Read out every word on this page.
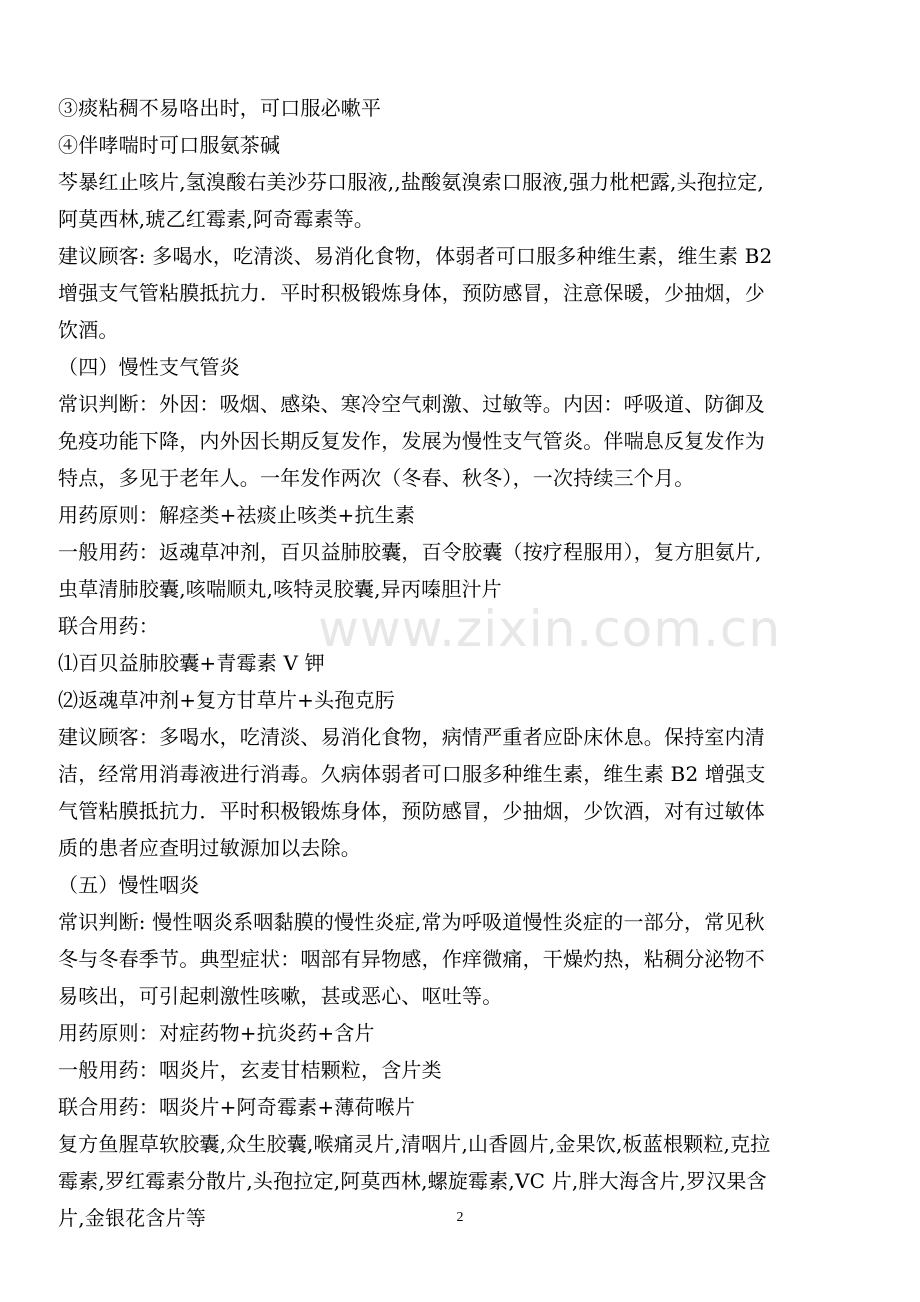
③痰粘稠不易咯出时，可口服必嗽平

④伴哮喘时可口服氨茶碱

芩暴红止咳片,氢溴酸右美沙芬口服液,,盐酸氨溴索口服液,强力枇杷露,头孢拉定,

阿莫西林,琥乙红霉素,阿奇霉素等。

建议顾客: 多喝水，吃清淡、易消化食物，体弱者可口服多种维生素，维生素 B2

增强支气管粘膜抵抗力．平时积极锻炼身体，预防感冒，注意保暖，少抽烟，少

饮酒。

（四）慢性支气管炎

常识判断：外因：吸烟、感染、寒冷空气刺激、过敏等。内因：呼吸道、防御及

免疫功能下降，内外因长期反复发作，发展为慢性支气管炎。伴喘息反复发作为

特点，多见于老年人。一年发作两次（冬春、秋冬），一次持续三个月。

用药原则：解痉类+祛痰止咳类+抗生素

一般用药：返魂草冲剂，百贝益肺胶囊，百令胶囊（按疗程服用），复方胆氨片,

虫草清肺胶囊,咳喘顺丸,咳特灵胶囊,异丙嗪胆汁片

联合用药：

⑴百贝益肺胶囊+青霉素 V 钾

⑵返魂草冲剂+复方甘草片+头孢克肟

建议顾客：多喝水，吃清淡、易消化食物，病情严重者应卧床休息。保持室内清

洁，经常用消毒液进行消毒。久病体弱者可口服多种维生素，维生素 B2 增强支

气管粘膜抵抗力．平时积极锻炼身体，预防感冒，少抽烟，少饮酒，对有过敏体

质的患者应查明过敏源加以去除。

（五）慢性咽炎

常识判断: 慢性咽炎系咽黏膜的慢性炎症,常为呼吸道慢性炎症的一部分，常见秋

冬与冬春季节。典型症状：咽部有异物感，作痒微痛，干燥灼热，粘稠分泌物不

易咳出，可引起刺激性咳嗽，甚或恶心、呕吐等。

用药原则：对症药物+抗炎药+含片

一般用药：咽炎片，玄麦甘桔颗粒，含片类

联合用药：咽炎片+阿奇霉素+薄荷喉片

复方鱼腥草软胶囊,众生胶囊,喉痛灵片,清咽片,山香圆片,金果饮,板蓝根颗粒,克拉

霉素,罗红霉素分散片,头孢拉定,阿莫西林,螺旋霉素,VC 片,胖大海含片,罗汉果含

片,金银花含片等

www.zixin.com.cn
2
